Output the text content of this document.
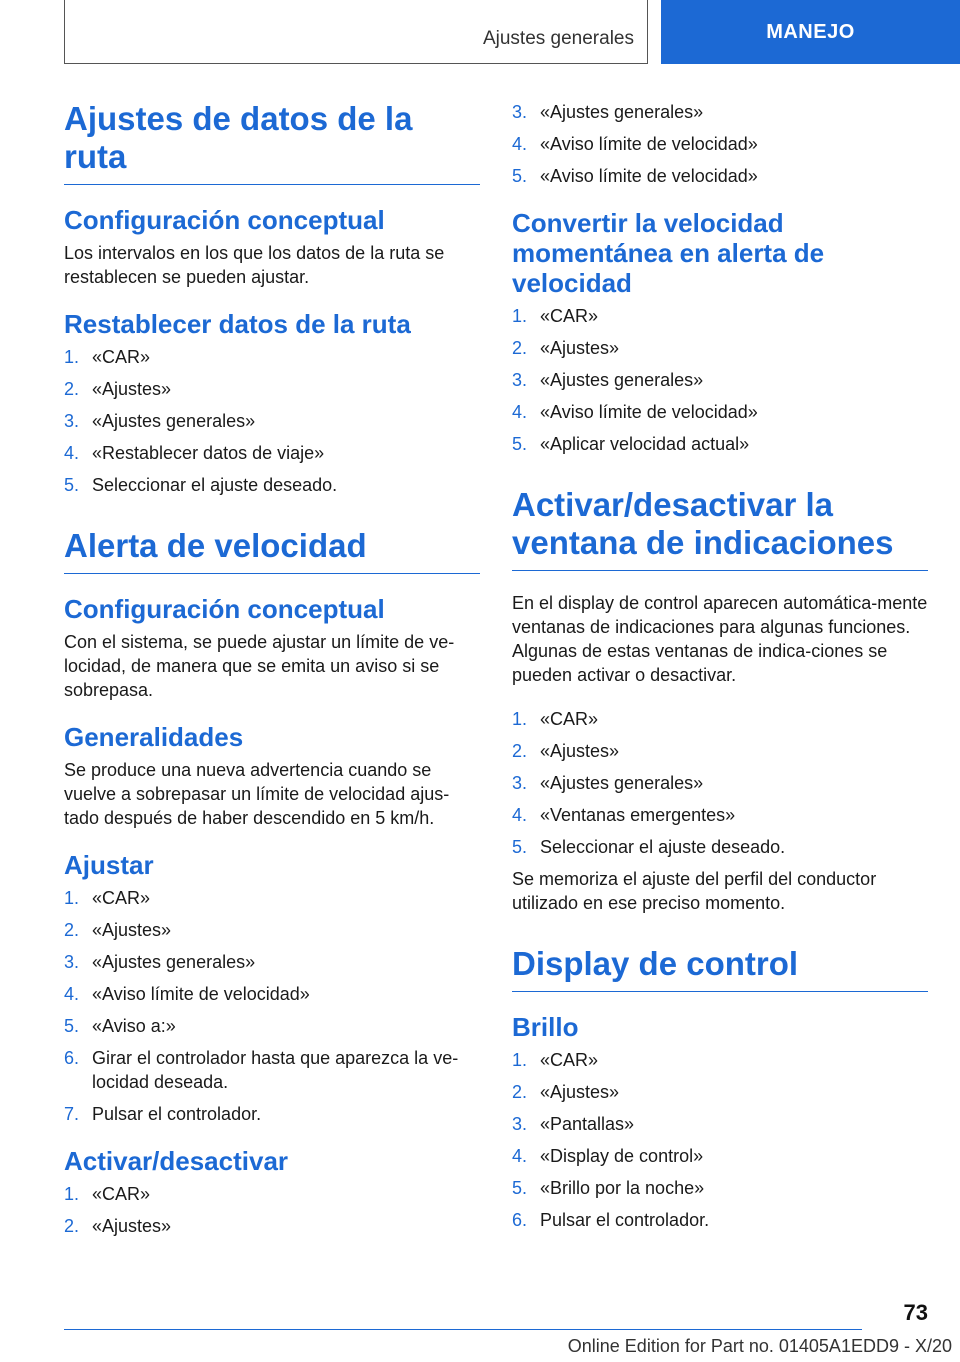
Ajustes generales	MANEJO
Ajustes de datos de la ruta
Configuración conceptual

Los intervalos en los que los datos de la ruta se restablecen se pueden ajustar.

Restablecer datos de la ruta
1. «CAR»
2. «Ajustes»
3. «Ajustes generales»
4. «Restablecer datos de viaje»
5. Seleccionar el ajuste deseado.
Alerta de velocidad
Configuración conceptual

Con el sistema, se puede ajustar un límite de ve-locidad, de manera que se emita un aviso si se sobrepasa.

Generalidades

Se produce una nueva advertencia cuando se vuelve a sobrepasar un límite de velocidad ajus-tado después de haber descendido en 5 km/h.

Ajustar
1. «CAR»
2. «Ajustes»
3. «Ajustes generales»
4. «Aviso límite de velocidad»
5. «Aviso a:»
6. Girar el controlador hasta que aparezca la ve-locidad deseada.
7. Pulsar el controlador.
Activar/desactivar
1. «CAR»
2. «Ajustes»
3. «Ajustes generales»
4. «Aviso límite de velocidad»
5. «Aviso límite de velocidad»
Convertir la velocidad momentánea en alerta de velocidad
1. «CAR»
2. «Ajustes»
3. «Ajustes generales»
4. «Aviso límite de velocidad»
5. «Aplicar velocidad actual»
Activar/desactivar la ventana de indicaciones

En el display de control aparecen automática-mente ventanas de indicaciones para algunas funciones. Algunas de estas ventanas de indica-ciones se pueden activar o desactivar.

1. «CAR»
2. «Ajustes»
3. «Ajustes generales»
4. «Ventanas emergentes»
5. Seleccionar el ajuste deseado.

Se memoriza el ajuste del perfil del conductor utilizado en ese preciso momento.

Display de control
Brillo
1. «CAR»
2. «Ajustes»
3. «Pantallas»
4. «Display de control»
5. «Brillo por la noche»
6. Pulsar el controlador.
73
Online Edition for Part no. 01405A1EDD9 - X/20
